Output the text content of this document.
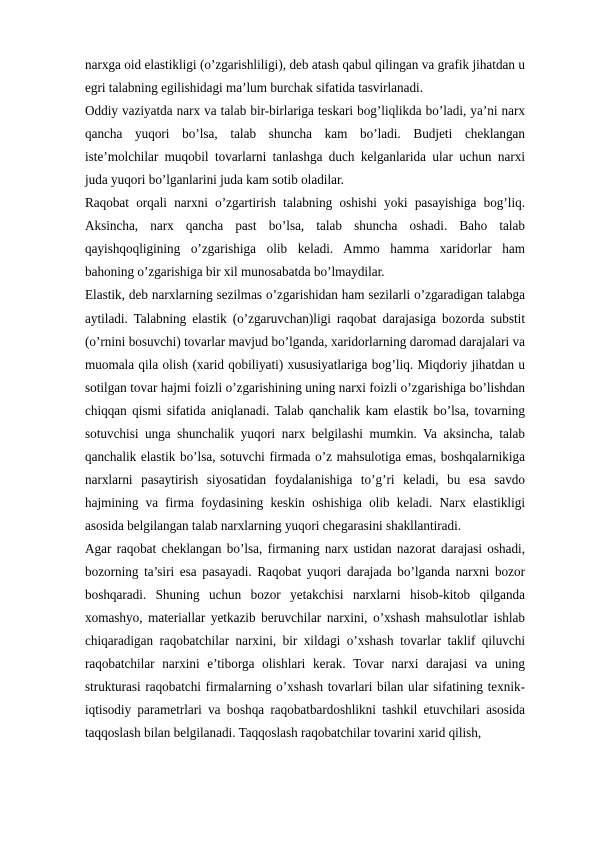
narxga oid elastikligi (o’zgarishliligi), deb atash qabul qilingan va grafik jihatdan u egri talabning egilishidagi ma’lum burchak sifatida tasvirlanadi.

Oddiy vaziyatda narx va talab bir-birlariga teskari bog’liqlikda bo’ladi, ya’ni narx qancha yuqori bo’lsa, talab shuncha kam bo’ladi. Budjeti cheklangan iste’molchilar muqobil tovarlarni tanlashga duch kelganlarida ular uchun narxi juda yuqori bo’lganlarini juda kam sotib oladilar.

Raqobat orqali narxni o’zgartirish talabning oshishi yoki pasayishiga bog’liq. Aksincha, narx qancha past bo’lsa, talab shuncha oshadi. Baho talab qayishqoqligining o’zgarishiga olib keladi. Ammo hamma xaridorlar ham bahoning o’zgarishiga bir xil munosabatda bo’lmaydilar.

Elastik, deb narxlarning sezilmas o’zgarishidan ham sezilarli o’zgaradigan talabga aytiladi. Talabning elastik (o’zgaruvchan)ligi raqobat darajasiga bozorda substit (o’rnini bosuvchi) tovarlar mavjud bo’lganda, xaridorlarning daromad darajalari va muomala qila olish (xarid qobiliyati) xususiyatlariga bog’liq. Miqdoriy jihatdan u sotilgan tovar hajmi foizli o’zgarishining uning narxi foizli o’zgarishiga bo’lishdan chiqqan qismi sifatida aniqlanadi. Talab qanchalik kam elastik bo’lsa, tovarning sotuvchisi unga shunchalik yuqori narx belgilashi mumkin. Va aksincha, talab qanchalik elastik bo’lsa, sotuvchi firmada o’z mahsulotiga emas, boshqalarnikiga narxlarni pasaytirish siyosatidan foydalanishiga to’g’ri keladi, bu esa savdo hajmining va firma foydasining keskin oshishiga olib keladi. Narx elastikligi asosida belgilangan talab narxlarning yuqori chegarasini shakllantiradi.

Agar raqobat cheklangan bo’lsa, firmaning narx ustidan nazorat darajasi oshadi, bozorning ta’siri esa pasayadi. Raqobat yuqori darajada bo’lganda narxni bozor boshqaradi. Shuning uchun bozor yetakchisi narxlarni hisob-kitob qilganda xomashyo, materiallar yetkazib beruvchilar narxini, o’xshash mahsulotlar ishlab chiqaradigan raqobatchilar narxini, bir xildagi o’xshash tovarlar taklif qiluvchi raqobatchilar narxini e’tiborga olishlari kerak. Tovar narxi darajasi va uning strukturasi raqobatchi firmalarning o’xshash tovarlari bilan ular sifatining texnik-iqtisodiy parametrlari va boshqa raqobatbardoshlikni tashkil etuvchilari asosida taqqoslash bilan belgilanadi. Taqqoslash raqobatchilar tovarini xarid qilish,
